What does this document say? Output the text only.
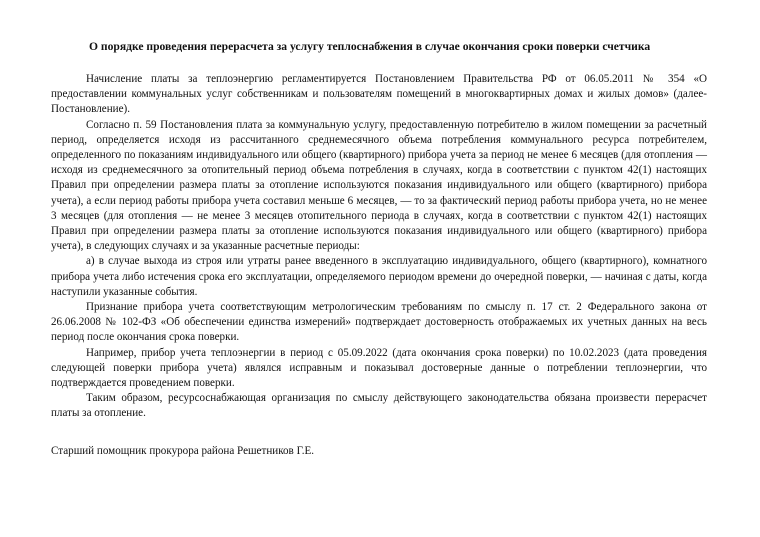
О порядке проведения перерасчета за услугу теплоснабжения в случае окончания сроки поверки счетчика

Начисление платы за теплоэнергию регламентируется Постановлением Правительства РФ от 06.05.2011 № 354 «О предоставлении коммунальных услуг собственникам и пользователям помещений в многоквартирных домах и жилых домов» (далее-Постановление).

Согласно п. 59 Постановления плата за коммунальную услугу, предоставленную потребителю в жилом помещении за расчетный период, определяется исходя из рассчитанного среднемесячного объема потребления коммунального ресурса потребителем, определенного по показаниям индивидуального или общего (квартирного) прибора учета за период не менее 6 месяцев (для отопления — исходя из среднемесячного за отопительный период объема потребления в случаях, когда в соответствии с пунктом 42(1) настоящих Правил при определении размера платы за отопление используются показания индивидуального или общего (квартирного) прибора учета), а если период работы прибора учета составил меньше 6 месяцев, — то за фактический период работы прибора учета, но не менее 3 месяцев (для отопления — не менее 3 месяцев отопительного периода в случаях, когда в соответствии с пунктом 42(1) настоящих Правил при определении размера платы за отопление используются показания индивидуального или общего (квартирного) прибора учета), в следующих случаях и за указанные расчетные периоды:

а) в случае выхода из строя или утраты ранее введенного в эксплуатацию индивидуального, общего (квартирного), комнатного прибора учета либо истечения срока его эксплуатации, определяемого периодом времени до очередной поверки, — начиная с даты, когда наступили указанные события.

Признание прибора учета соответствующим метрологическим требованиям по смыслу п. 17 ст. 2 Федерального закона от 26.06.2008 № 102-ФЗ «Об обеспечении единства измерений» подтверждает достоверность отображаемых их учетных данных на весь период после окончания срока поверки.

Например, прибор учета теплоэнергии в период с 05.09.2022 (дата окончания срока поверки) по 10.02.2023 (дата проведения следующей поверки прибора учета) являлся исправным и показывал достоверные данные о потреблении теплоэнергии, что подтверждается проведением поверки.

Таким образом, ресурсоснабжающая организация по смыслу действующего законодательства обязана произвести перерасчет платы за отопление.

Старший помощник прокурора района Решетников Г.Е.
